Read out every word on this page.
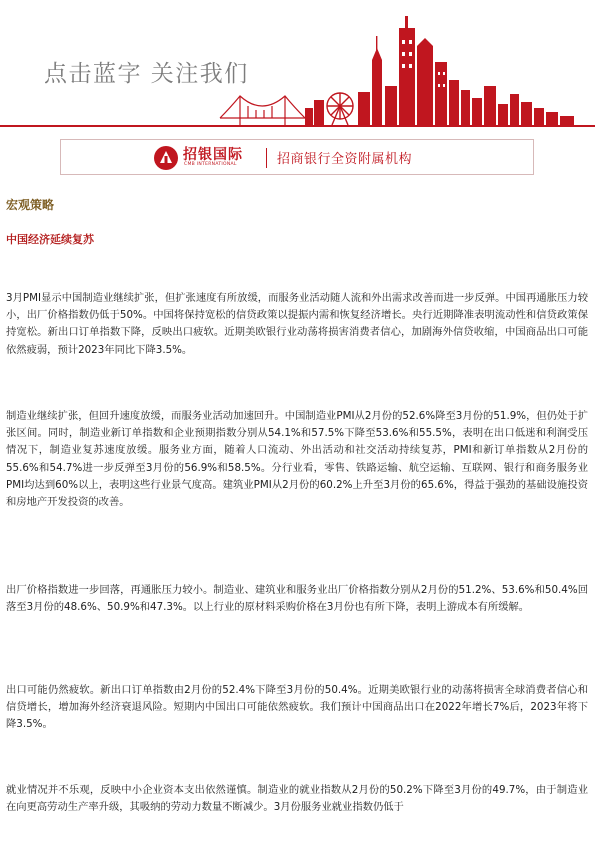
点击蓝字 关注我们
招银国际
CMB INTERNATIONAL	招商银行全资附属机构
宏观策略
中国经济延续复苏

3月PMI显示中国制造业继续扩张，但扩张速度有所放缓，而服务业活动随人流和外出需求改善而进一步反弹。中国再通胀压力较小，出厂价格指数仍低于50%。中国将保持宽松的信贷政策以提振内需和恢复经济增长。央行近期降准表明流动性和信贷政策保持宽松。新出口订单指数下降，反映出口疲软。近期美欧银行业动荡将损害消费者信心，加剧海外信贷收缩，中国商品出口可能依然疲弱，预计2023年同比下降3.5%。

制造业继续扩张，但回升速度放缓，而服务业活动加速回升。中国制造业PMI从2月份的52.6%降至3月份的51.9%，但仍处于扩张区间。同时，制造业新订单指数和企业预期指数分别从54.1%和57.5%下降至53.6%和55.5%，表明在出口低迷和利润受压情况下，制造业复苏速度放缓。服务业方面，随着人口流动、外出活动和社交活动持续复苏，PMI和新订单指数从2月份的55.6%和54.7%进一步反弹至3月份的56.9%和58.5%。分行业看，零售、铁路运输、航空运输、互联网、银行和商务服务业PMI均达到60%以上，表明这些行业景气度高。建筑业PMI从2月份的60.2%上升至3月份的65.6%，得益于强劲的基础设施投资和房地产开发投资的改善。

出厂价格指数进一步回落，再通胀压力较小。制造业、建筑业和服务业出厂价格指数分别从2月份的51.2%、53.6%和50.4%回落至3月份的48.6%、50.9%和47.3%。以上行业的原材料采购价格在3月份也有所下降，表明上游成本有所缓解。

出口可能仍然疲软。新出口订单指数由2月份的52.4%下降至3月份的50.4%。近期美欧银行业的动荡将损害全球消费者信心和信贷增长，增加海外经济衰退风险。短期内中国出口可能依然疲软。我们预计中国商品出口在2022年增长7%后，2023年将下降3.5%。

就业情况并不乐观，反映中小企业资本支出依然谨慎。制造业的就业指数从2月份的50.2%下降至3月份的49.7%，由于制造业在向更高劳动生产率升级，其吸纳的劳动力数量不断减少。3月份服务业就业指数仍低于
